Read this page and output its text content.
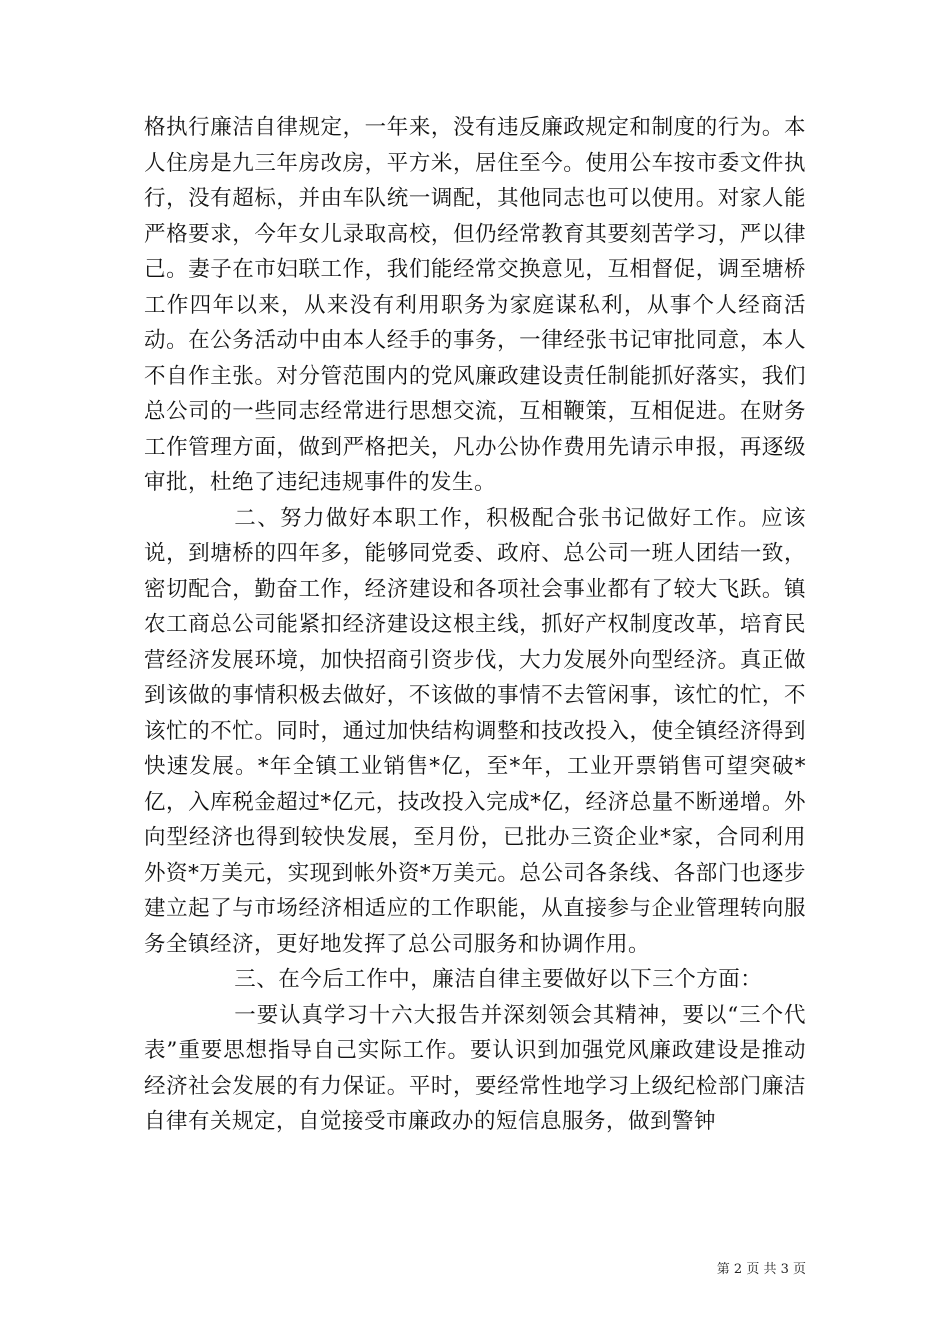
格执行廉洁自律规定，一年来，没有违反廉政规定和制度的行为。本人住房是九三年房改房，平方米，居住至今。使用公车按市委文件执行，没有超标，并由车队统一调配，其他同志也可以使用。对家人能严格要求，今年女儿录取高校，但仍经常教育其要刻苦学习，严以律己。妻子在市妇联工作，我们能经常交换意见，互相督促，调至塘桥工作四年以来，从来没有利用职务为家庭谋私利，从事个人经商活动。在公务活动中由本人经手的事务，一律经张书记审批同意，本人不自作主张。对分管范围内的党风廉政建设责任制能抓好落实，我们总公司的一些同志经常进行思想交流，互相鞭策，互相促进。在财务工作管理方面，做到严格把关，凡办公协作费用先请示申报，再逐级审批，杜绝了违纪违规事件的发生。

二、努力做好本职工作，积极配合张书记做好工作。应该说，到塘桥的四年多，能够同党委、政府、总公司一班人团结一致，密切配合，勤奋工作，经济建设和各项社会事业都有了较大飞跃。镇农工商总公司能紧扣经济建设这根主线，抓好产权制度改革，培育民营经济发展环境，加快招商引资步伐，大力发展外向型经济。真正做到该做的事情积极去做好，不该做的事情不去管闲事，该忙的忙，不该忙的不忙。同时，通过加快结构调整和技改投入，使全镇经济得到快速发展。*年全镇工业销售*亿，至*年，工业开票销售可望突破*亿，入库税金超过*亿元，技改投入完成*亿，经济总量不断递增。外向型经济也得到较快发展，至月份，已批办三资企业*家，合同利用外资*万美元，实现到帐外资*万美元。总公司各条线、各部门也逐步建立起了与市场经济相适应的工作职能，从直接参与企业管理转向服务全镇经济，更好地发挥了总公司服务和协调作用。

三、在今后工作中，廉洁自律主要做好以下三个方面：

一要认真学习十六大报告并深刻领会其精神，要以“三个代表”重要思想指导自己实际工作。要认识到加强党风廉政建设是推动经济社会发展的有力保证。平时，要经常性地学习上级纪检部门廉洁自律有关规定，自觉接受市廉政办的短信息服务，做到警钟

第 2 页 共 3 页
